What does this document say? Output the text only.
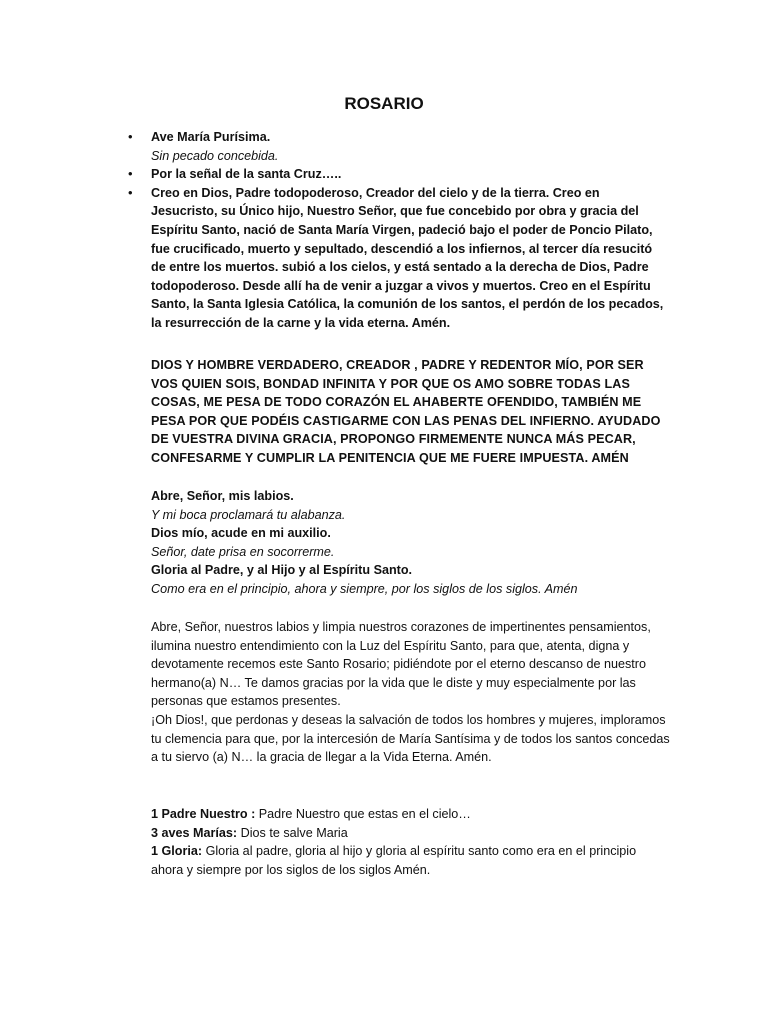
ROSARIO
• Ave María Purísima.
Sin pecado concebida.
• Por la señal de la santa Cruz…..
• Creo en Dios, Padre todopoderoso, Creador del cielo y de la tierra. Creo en Jesucristo, su Único hijo, Nuestro Señor, que fue concebido por obra y gracia del Espíritu Santo, nació de Santa María Virgen, padeció bajo el poder de Poncio Pilato, fue crucificado, muerto y sepultado, descendió a los infiernos, al tercer día resucitó de entre los muertos. subió a los cielos, y está sentado a la derecha de Dios, Padre todopoderoso. Desde allí ha de venir a juzgar a vivos y muertos. Creo en el Espíritu Santo, la Santa Iglesia Católica, la comunión de los santos, el perdón de los pecados, la resurrección de la carne y la vida eterna. Amén.

DIOS Y HOMBRE VERDADERO, CREADOR , PADRE Y REDENTOR MÍO, POR SER VOS QUIEN SOIS, BONDAD INFINITA Y POR QUE OS AMO SOBRE TODAS LAS COSAS, ME PESA DE TODO CORAZÓN EL AHABERTE OFENDIDO, TAMBIÉN ME PESA POR QUE PODÉIS CASTIGARME CON LAS PENAS DEL INFIERNO. AYUDADO DE VUESTRA DIVINA GRACIA, PROPONGO FIRMEMENTE NUNCA MÁS PECAR, CONFESARME Y CUMPLIR LA PENITENCIA QUE ME FUERE IMPUESTA. AMÉN

Abre, Señor, mis labios.

Y mi boca proclamará tu alabanza.

Dios mío, acude en mi auxilio.

Señor, date prisa en socorrerme.

Gloria al Padre, y al Hijo y al Espíritu Santo.

Como era en el principio, ahora y siempre, por los siglos de los siglos. Amén

Abre, Señor, nuestros labios y limpia nuestros corazones de impertinentes pensamientos, ilumina nuestro entendimiento con la Luz del Espíritu Santo, para que, atenta, digna y devotamente recemos este Santo Rosario; pidiéndote por el eterno descanso de nuestro hermano(a) N… Te damos gracias por la vida que le diste y muy especialmente por las personas que estamos presentes.

¡Oh Dios!, que perdonas y deseas la salvación de todos los hombres y mujeres, imploramos tu clemencia para que, por la intercesión de María Santísima y de todos los santos concedas a tu siervo (a) N… la gracia de llegar a la Vida Eterna. Amén.

1 Padre Nuestro : Padre Nuestro que estas en el cielo…

3 aves Marías: Dios te salve Maria

1 Gloria: Gloria al padre, gloria al hijo y gloria al espíritu santo como era en el principio ahora y siempre por los siglos de los siglos Amén.
